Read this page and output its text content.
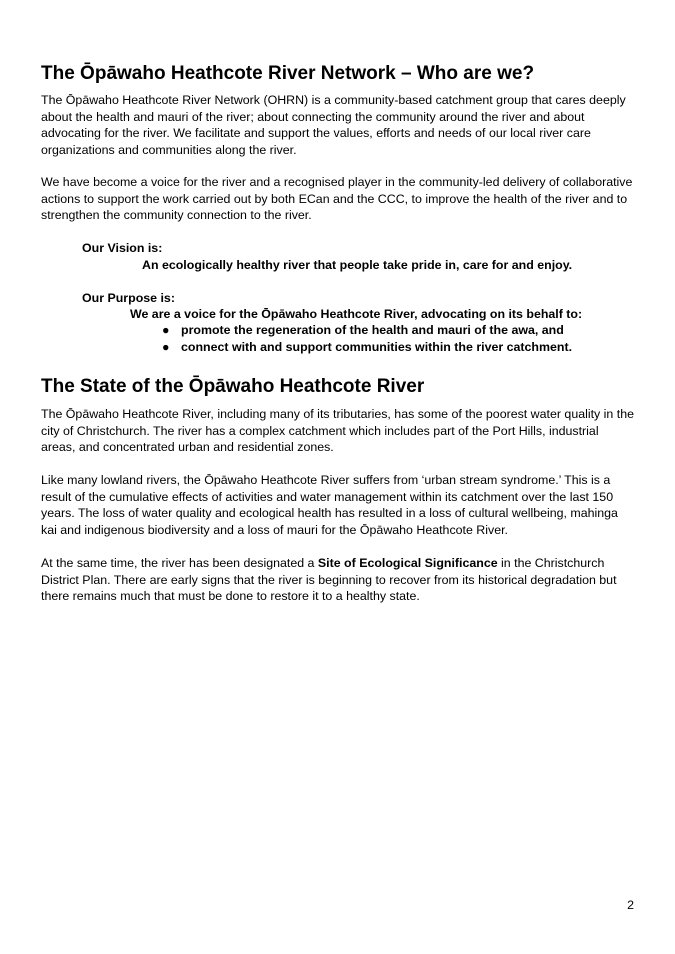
The Ōpāwaho Heathcote River Network – Who are we?

The Ōpāwaho Heathcote River Network (OHRN) is a community-based catchment group that cares deeply about the health and mauri of the river; about connecting the community around the river and about advocating for the river. We facilitate and support the values, efforts and needs of our local river care organizations and communities along the river.

We have become a voice for the river and a recognised player in the community-led delivery of collaborative actions to support the work carried out by both ECan and the CCC, to improve the health of the river and to strengthen the community connection to the river.

Our Vision is:
An ecologically healthy river that people take pride in, care for and enjoy.
Our Purpose is:
We are a voice for the Ōpāwaho Heathcote River, advocating on its behalf to:
● promote the regeneration of the health and mauri of the awa, and
● connect with and support communities within the river catchment.
The State of the Ōpāwaho Heathcote River

The Ōpāwaho Heathcote River, including many of its tributaries, has some of the poorest water quality in the city of Christchurch. The river has a complex catchment which includes part of the Port Hills, industrial areas, and concentrated urban and residential zones.

Like many lowland rivers, the Ōpāwaho Heathcote River suffers from ‘urban stream syndrome.’ This is a result of the cumulative effects of activities and water management within its catchment over the last 150 years. The loss of water quality and ecological health has resulted in a loss of cultural wellbeing, mahinga kai and indigenous biodiversity and a loss of mauri for the Ōpāwaho Heathcote River.

At the same time, the river has been designated a Site of Ecological Significance in the Christchurch District Plan. There are early signs that the river is beginning to recover from its historical degradation but there remains much that must be done to restore it to a healthy state.

2
